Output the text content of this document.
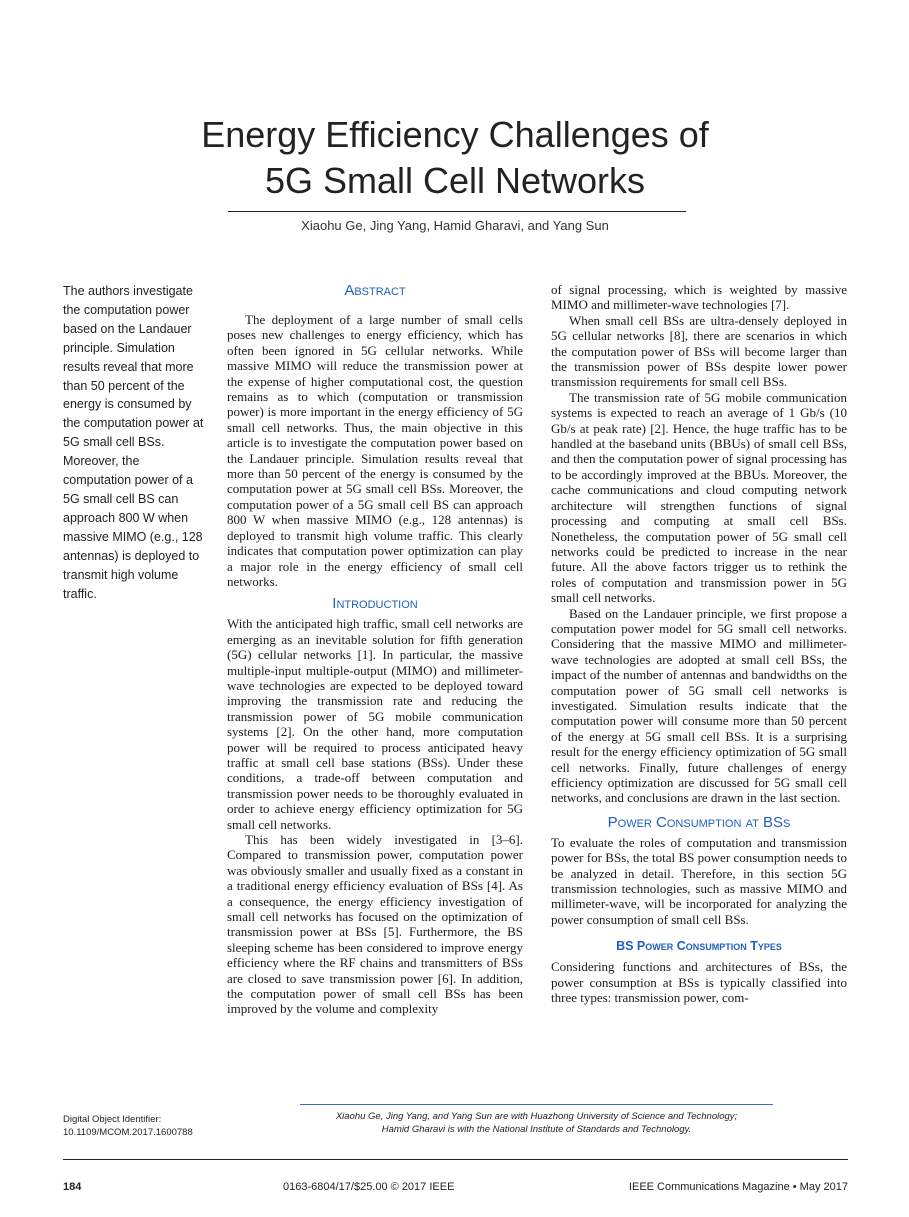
Energy Efficiency Challenges of
5G Small Cell Networks
Xiaohu Ge, Jing Yang, Hamid Gharavi, and Yang Sun
The authors investigate the computation power based on the Landauer principle. Simulation results reveal that more than 50 percent of the energy is consumed by the computation power at 5G small cell BSs. Moreover, the computation power of a 5G small cell BS can approach 800 W when massive MIMO (e.g., 128 antennas) is deployed to transmit high volume traffic.
Abstract

The deployment of a large number of small cells poses new challenges to energy efficiency, which has often been ignored in 5G cellular networks. While massive MIMO will reduce the transmission power at the expense of higher computational cost, the question remains as to which (computation or transmission power) is more important in the energy efficiency of 5G small cell networks. Thus, the main objective in this article is to investigate the computation power based on the Landauer principle. Simulation results reveal that more than 50 percent of the energy is consumed by the computation power at 5G small cell BSs. Moreover, the computation power of a 5G small cell BS can approach 800 W when massive MIMO (e.g., 128 antennas) is deployed to transmit high volume traffic. This clearly indicates that computation power optimization can play a major role in the energy efficiency of small cell networks.

Introduction

With the anticipated high traffic, small cell networks are emerging as an inevitable solution for fifth generation (5G) cellular networks [1]. In particular, the massive multiple-input multiple-output (MIMO) and millimeter-wave technologies are expected to be deployed toward improving the transmission rate and reducing the transmission power of 5G mobile communication systems [2]. On the other hand, more computation power will be required to process anticipated heavy traffic at small cell base stations (BSs). Under these conditions, a trade-off between computation and transmission power needs to be thoroughly evaluated in order to achieve energy efficiency optimization for 5G small cell networks.

This has been widely investigated in [3–6]. Compared to transmission power, computation power was obviously smaller and usually fixed as a constant in a traditional energy efficiency evaluation of BSs [4]. As a consequence, the energy efficiency investigation of small cell networks has focused on the optimization of transmission power at BSs [5]. Furthermore, the BS sleeping scheme has been considered to improve energy efficiency where the RF chains and transmitters of BSs are closed to save transmission power [6]. In addition, the computation power of small cell BSs has been improved by the volume and complexity

of signal processing, which is weighted by massive MIMO and millimeter-wave technologies [7].

When small cell BSs are ultra-densely deployed in 5G cellular networks [8], there are scenarios in which the computation power of BSs will become larger than the transmission power of BSs despite lower power transmission requirements for small cell BSs.

The transmission rate of 5G mobile communication systems is expected to reach an average of 1 Gb/s (10 Gb/s at peak rate) [2]. Hence, the huge traffic has to be handled at the baseband units (BBUs) of small cell BSs, and then the computation power of signal processing has to be accordingly improved at the BBUs. Moreover, the cache communications and cloud computing network architecture will strengthen functions of signal processing and computing at small cell BSs. Nonetheless, the computation power of 5G small cell networks could be predicted to increase in the near future. All the above factors trigger us to rethink the roles of computation and transmission power in 5G small cell networks.

Based on the Landauer principle, we first propose a computation power model for 5G small cell networks. Considering that the massive MIMO and millimeter-wave technologies are adopted at small cell BSs, the impact of the number of antennas and bandwidths on the computation power of 5G small cell networks is investigated. Simulation results indicate that the computation power will consume more than 50 percent of the energy at 5G small cell BSs. It is a surprising result for the energy efficiency optimization of 5G small cell networks. Finally, future challenges of energy efficiency optimization are discussed for 5G small cell networks, and conclusions are drawn in the last section.

Power Consumption at BSs

To evaluate the roles of computation and transmission power for BSs, the total BS power consumption needs to be analyzed in detail. Therefore, in this section 5G transmission technologies, such as massive MIMO and millimeter-wave, will be incorporated for analyzing the power consumption of small cell BSs.

BS Power Consumption Types

Considering functions and architectures of BSs, the power consumption at BSs is typically classified into three types: transmission power, com-

Xiaohu Ge, Jing Yang, and Yang Sun are with Huazhong University of Science and Technology;
Hamid Gharavi is with the National Institute of Standards and Technology.
Digital Object Identifier:
10.1109/MCOM.2017.1600788
184	0163-6804/17/$25.00 © 2017 IEEE	IEEE Communications Magazine • May 2017
